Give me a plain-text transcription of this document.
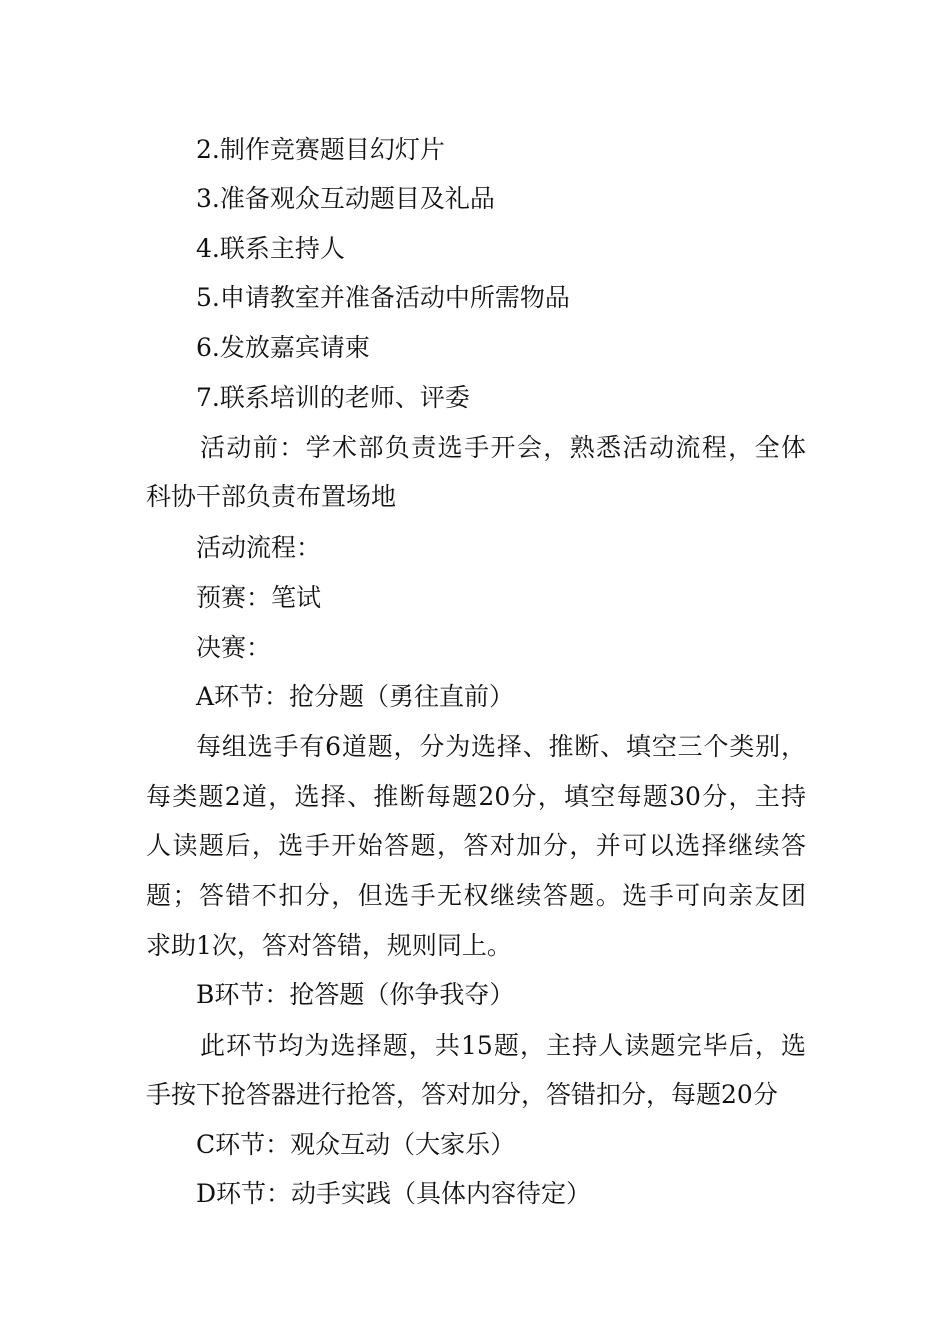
2.制作竞赛题目幻灯片
3.准备观众互动题目及礼品
4.联系主持人
5.申请教室并准备活动中所需物品
6.发放嘉宾请柬
7.联系培训的老师、评委
活动前：学术部负责选手开会，熟悉活动流程，全体
科协干部负责布置场地
活动流程：
预赛：笔试
决赛：
A环节：抢分题（勇往直前）
每组选手有6道题，分为选择、推断、填空三个类别，
每类题2道，选择、推断每题20分，填空每题30分，主持
人读题后，选手开始答题，答对加分，并可以选择继续答
题；答错不扣分，但选手无权继续答题。选手可向亲友团
求助1次，答对答错，规则同上。
B环节：抢答题（你争我夺）
此环节均为选择题，共15题，主持人读题完毕后，选
手按下抢答器进行抢答，答对加分，答错扣分，每题20分
C环节：观众互动（大家乐）
D环节：动手实践（具体内容待定）
